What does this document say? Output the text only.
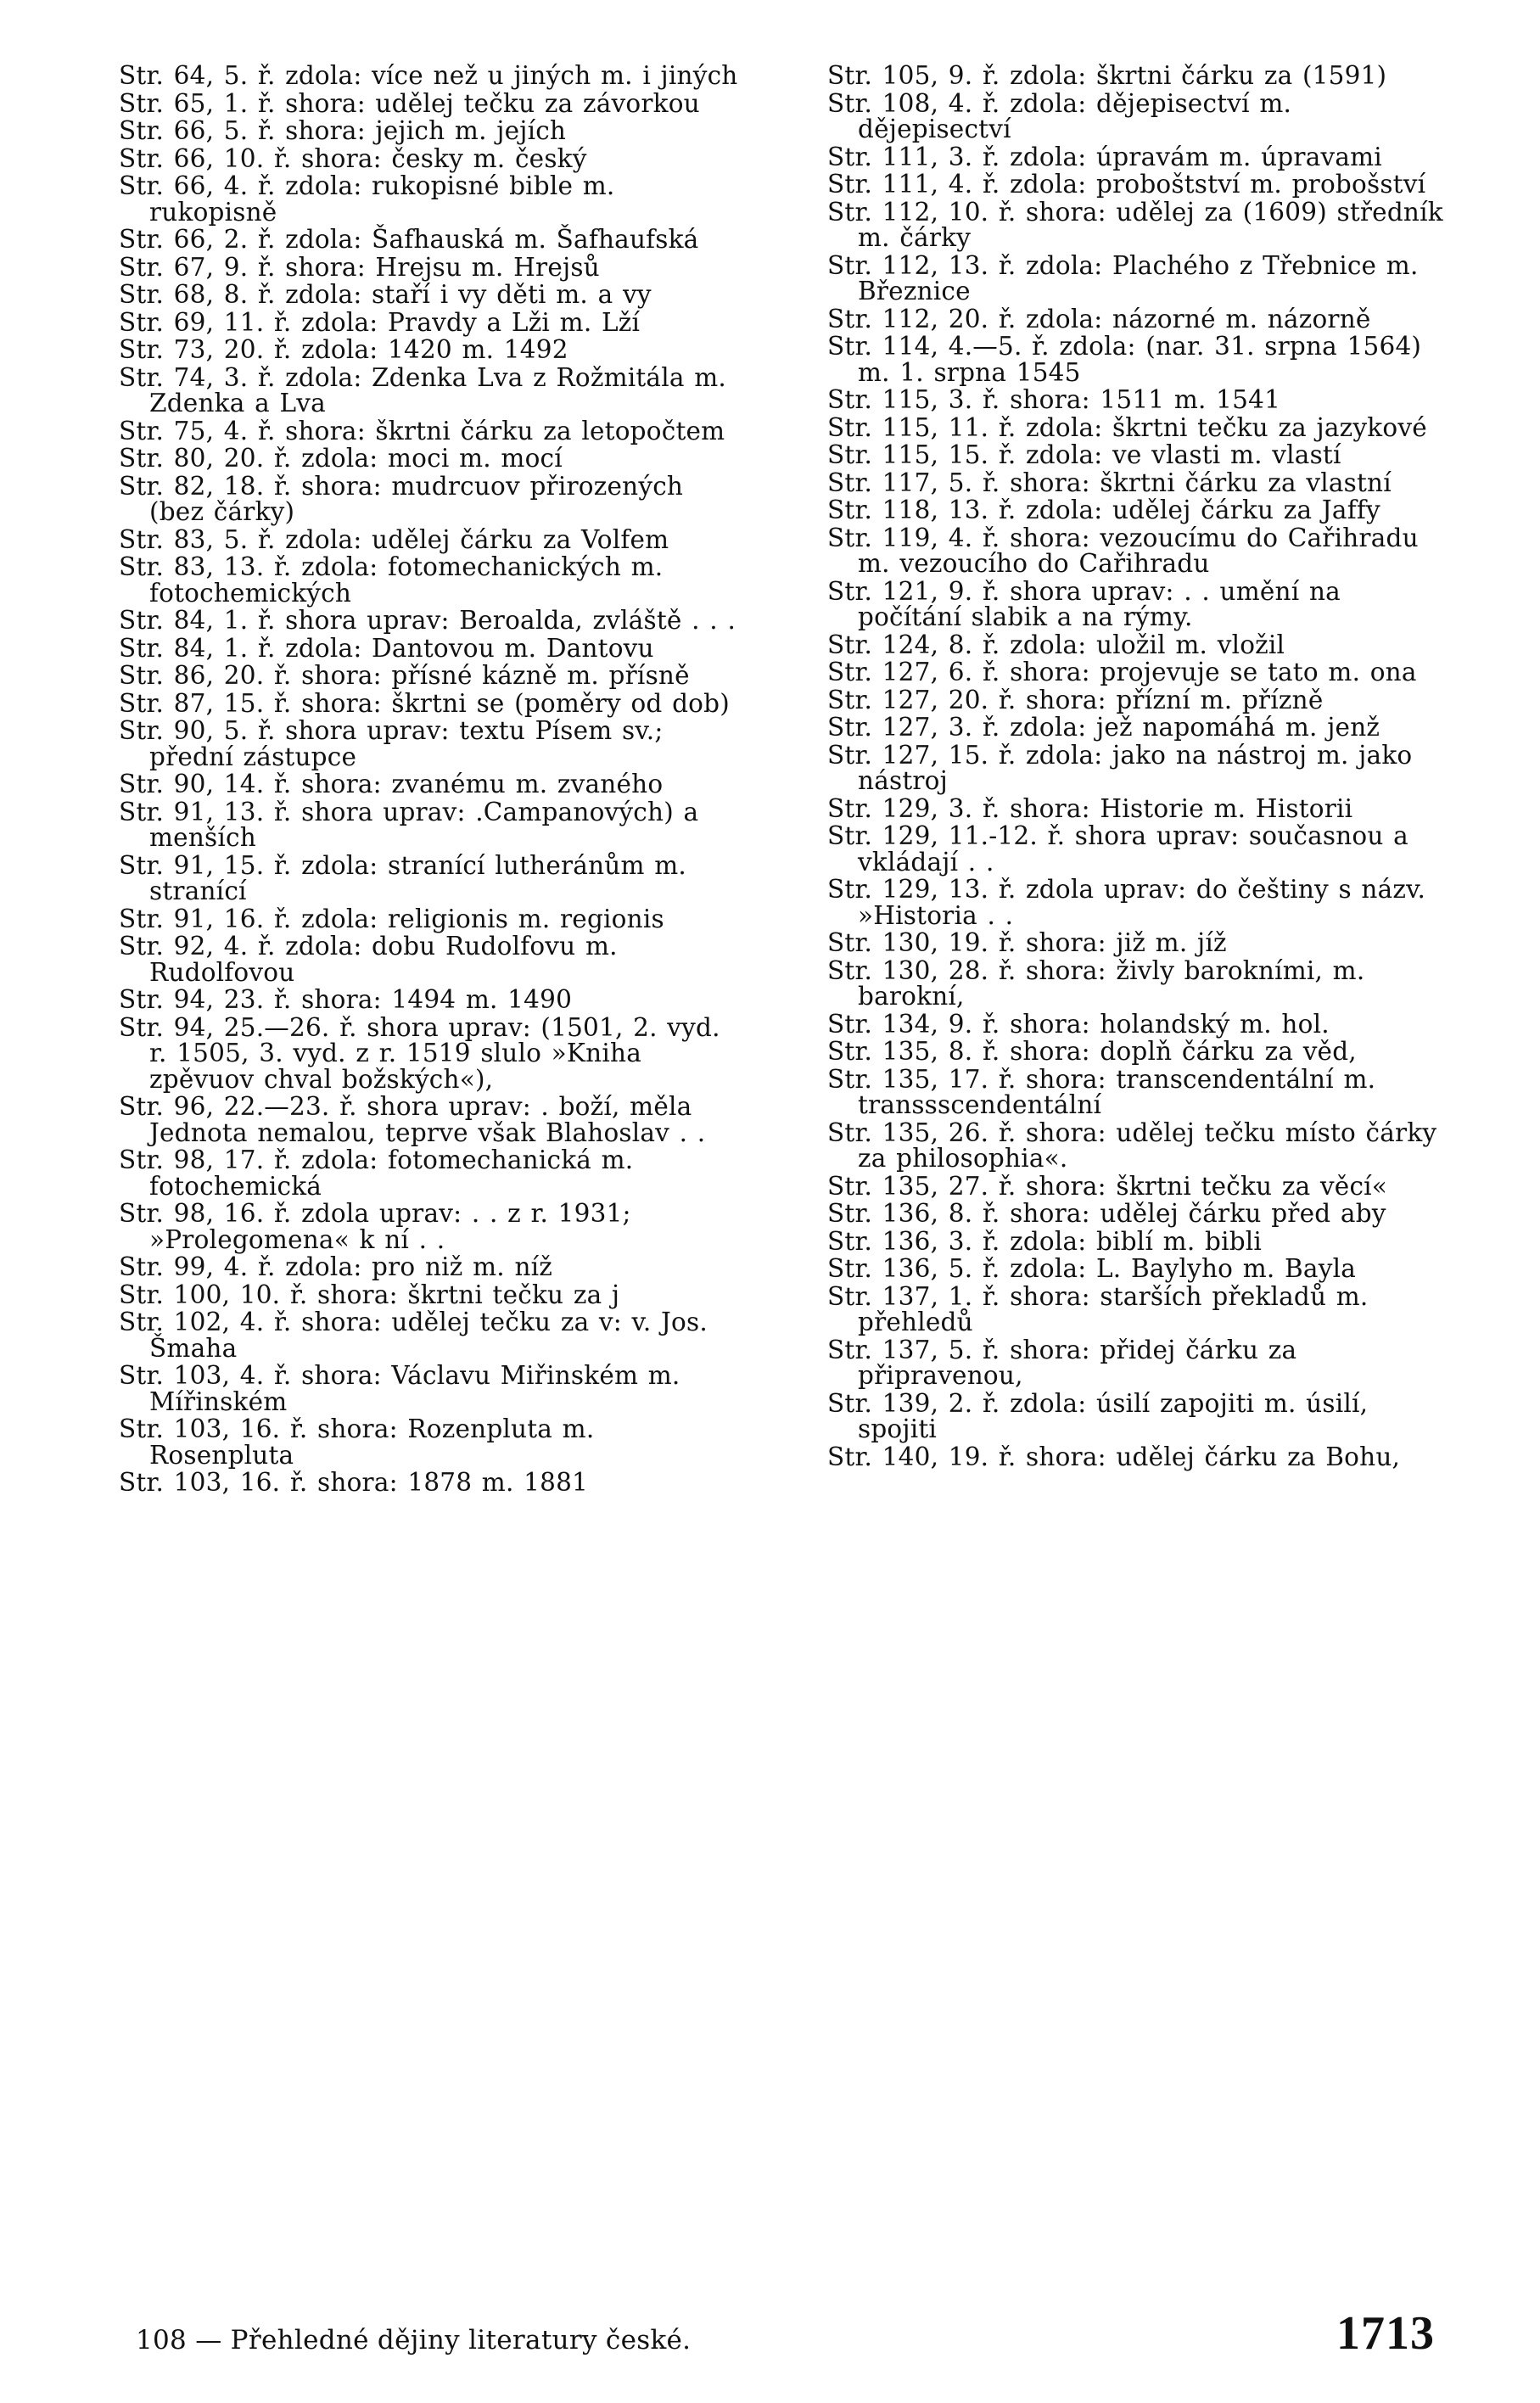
Str. 64, 5. ř. zdola: více než u jiných m. i jiných

Str. 65, 1. ř. shora: udělej tečku za závorkou

Str. 66, 5. ř. shora: jejich m. jejích

Str. 66, 10. ř. shora: česky m. český

Str. 66, 4. ř. zdola: rukopisné bible m. rukopisně

Str. 66, 2. ř. zdola: Šafhauská m. Šafhaufská

Str. 67, 9. ř. shora: Hrejsu m. Hrejsů

Str. 68, 8. ř. zdola: staří i vy děti m. a vy

Str. 69, 11. ř. zdola: Pravdy a Lži m. Lží

Str. 73, 20. ř. zdola: 1420 m. 1492

Str. 74, 3. ř. zdola: Zdenka Lva z Rožmitála m. Zdenka a Lva

Str. 75, 4. ř. shora: škrtni čárku za letopočtem

Str. 80, 20. ř. zdola: moci m. mocí

Str. 82, 18. ř. shora: mudrcuov přirozených (bez čárky)

Str. 83, 5. ř. zdola: udělej čárku za Volfem

Str. 83, 13. ř. zdola: fotomechanických m. fotochemických

Str. 84, 1. ř. shora uprav: Beroalda, zvláště . . .

Str. 84, 1. ř. zdola: Dantovou m. Dantovu

Str. 86, 20. ř. shora: přísné kázně m. přísně

Str. 87, 15. ř. shora: škrtni se (poměry od dob)

Str. 90, 5. ř. shora uprav: textu Písem sv.; přední zástupce

Str. 90, 14. ř. shora: zvanému m. zvaného

Str. 91, 13. ř. shora uprav: .Campanových) a menších

Str. 91, 15. ř. zdola: stranící lutheránům m. stranící

Str. 91, 16. ř. zdola: religionis m. regionis

Str. 92, 4. ř. zdola: dobu Rudolfovu m. Rudolfovou

Str. 94, 23. ř. shora: 1494 m. 1490

Str. 94, 25.—26. ř. shora uprav: (1501, 2. vyd. r. 1505, 3. vyd. z r. 1519 slulo »Kniha zpěvuov chval božských«),

Str. 96, 22.—23. ř. shora uprav: . boží, měla Jednota nemalou, teprve však Blahoslav . .

Str. 98, 17. ř. zdola: fotomechanická m. fotochemická

Str. 98, 16. ř. zdola uprav: . . z r. 1931; »Prolegomena« k ní . .

Str. 99, 4. ř. zdola: pro niž m. níž

Str. 100, 10. ř. shora: škrtni tečku za j

Str. 102, 4. ř. shora: udělej tečku za v: v. Jos. Šmaha

Str. 103, 4. ř. shora: Václavu Miřinském m. Mířinském

Str. 103, 16. ř. shora: Rozenpluta m. Rosenpluta

Str. 103, 16. ř. shora: 1878 m. 1881

Str. 105, 9. ř. zdola: škrtni čárku za (1591)

Str. 108, 4. ř. zdola: dějepisectví m. dějepisectví

Str. 111, 3. ř. zdola: úpravám m. úpravami

Str. 111, 4. ř. zdola: proboštství m. probošství

Str. 112, 10. ř. shora: udělej za (1609) středník m. čárky

Str. 112, 13. ř. zdola: Plachého z Třebnice m. Březnice

Str. 112, 20. ř. zdola: názorné m. názorně

Str. 114, 4.—5. ř. zdola: (nar. 31. srpna 1564) m. 1. srpna 1545

Str. 115, 3. ř. shora: 1511 m. 1541

Str. 115, 11. ř. zdola: škrtni tečku za jazykové

Str. 115, 15. ř. zdola: ve vlasti m. vlastí

Str. 117, 5. ř. shora: škrtni čárku za vlastní

Str. 118, 13. ř. zdola: udělej čárku za Jaffy

Str. 119, 4. ř. shora: vezoucímu do Cařihradu m. vezoucího do Cařihradu

Str. 121, 9. ř. shora uprav: . . umění na počítání slabik a na rýmy.

Str. 124, 8. ř. zdola: uložil m. vložil

Str. 127, 6. ř. shora: projevuje se tato m. ona

Str. 127, 20. ř. shora: přízní m. přízně

Str. 127, 3. ř. zdola: jež napomáhá m. jenž

Str. 127, 15. ř. zdola: jako na nástroj m. jako nástroj

Str. 129, 3. ř. shora: Historie m. Historii

Str. 129, 11.-12. ř. shora uprav: současnou a vkládají . .

Str. 129, 13. ř. zdola uprav: do češtiny s názv. »Historia . .

Str. 130, 19. ř. shora: již m. jíž

Str. 130, 28. ř. shora: živly barokními, m. barokní,

Str. 134, 9. ř. shora: holandský m. hol.

Str. 135, 8. ř. shora: doplň čárku za věd,

Str. 135, 17. ř. shora: transcendentální m. transsscendentální

Str. 135, 26. ř. shora: udělej tečku místo čárky za philosophia«.

Str. 135, 27. ř. shora: škrtni tečku za věcí«

Str. 136, 8. ř. shora: udělej čárku před aby

Str. 136, 3. ř. zdola: biblí m. bibli

Str. 136, 5. ř. zdola: L. Baylyho m. Bayla

Str. 137, 1. ř. shora: starších překladů m. přehledů

Str. 137, 5. ř. shora: přidej čárku za připravenou,

Str. 139, 2. ř. zdola: úsilí zapojiti m. úsilí, spojiti

Str. 140, 19. ř. shora: udělej čárku za Bohu,

108 — Přehledné dějiny literatury české.	1713
